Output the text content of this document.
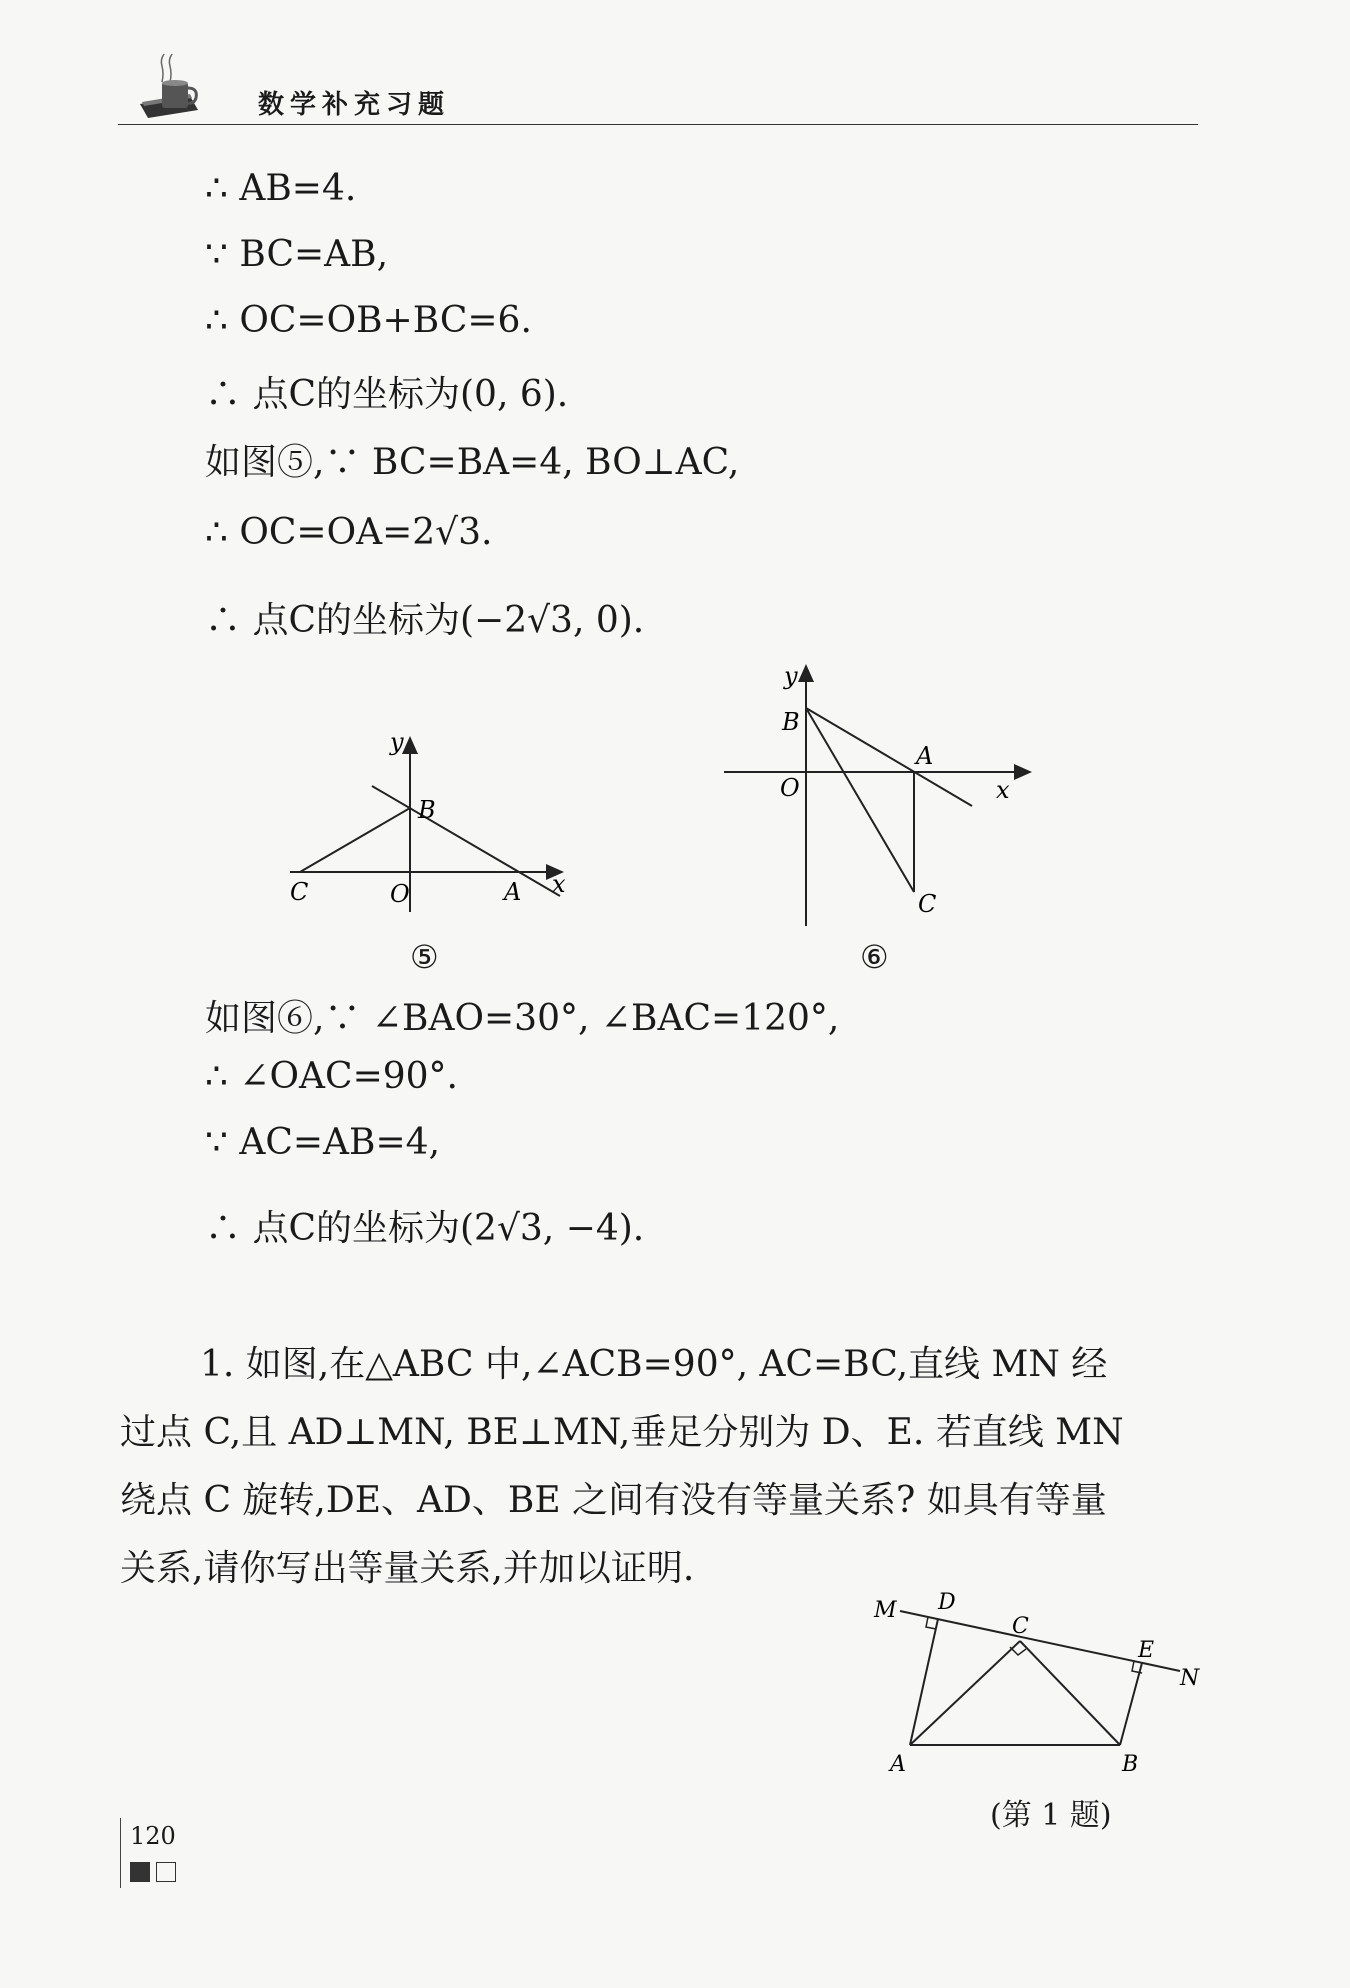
数学补充习题
∴ AB=4.
∵ BC=AB,
∴ OC=OB+BC=6.
∴ 点C的坐标为(0, 6).
如图⑤,∵ BC=BA=4, BO⊥AC,
∴ OC=OA=2√3.
∴ 点C的坐标为(−2√3, 0).
y
B
C	O	A x
⑤
y
B
A
O	x
C
⑥
如图⑥,∵ ∠BAO=30°, ∠BAC=120°,
∴ ∠OAC=90°.
∵ AC=AB=4,
∴ 点C的坐标为(2√3, −4).
1. 如图,在△ABC 中,∠ACB=90°, AC=BC,直线 MN 经
过点 C,且 AD⊥MN, BE⊥MN,垂足分别为 D、E. 若直线 MN
绕点 C 旋转,DE、AD、BE 之间有没有等量关系? 如具有等量
关系,请你写出等量关系,并加以证明.
M D
C
E
N
A	B
(第 1 题)
120
